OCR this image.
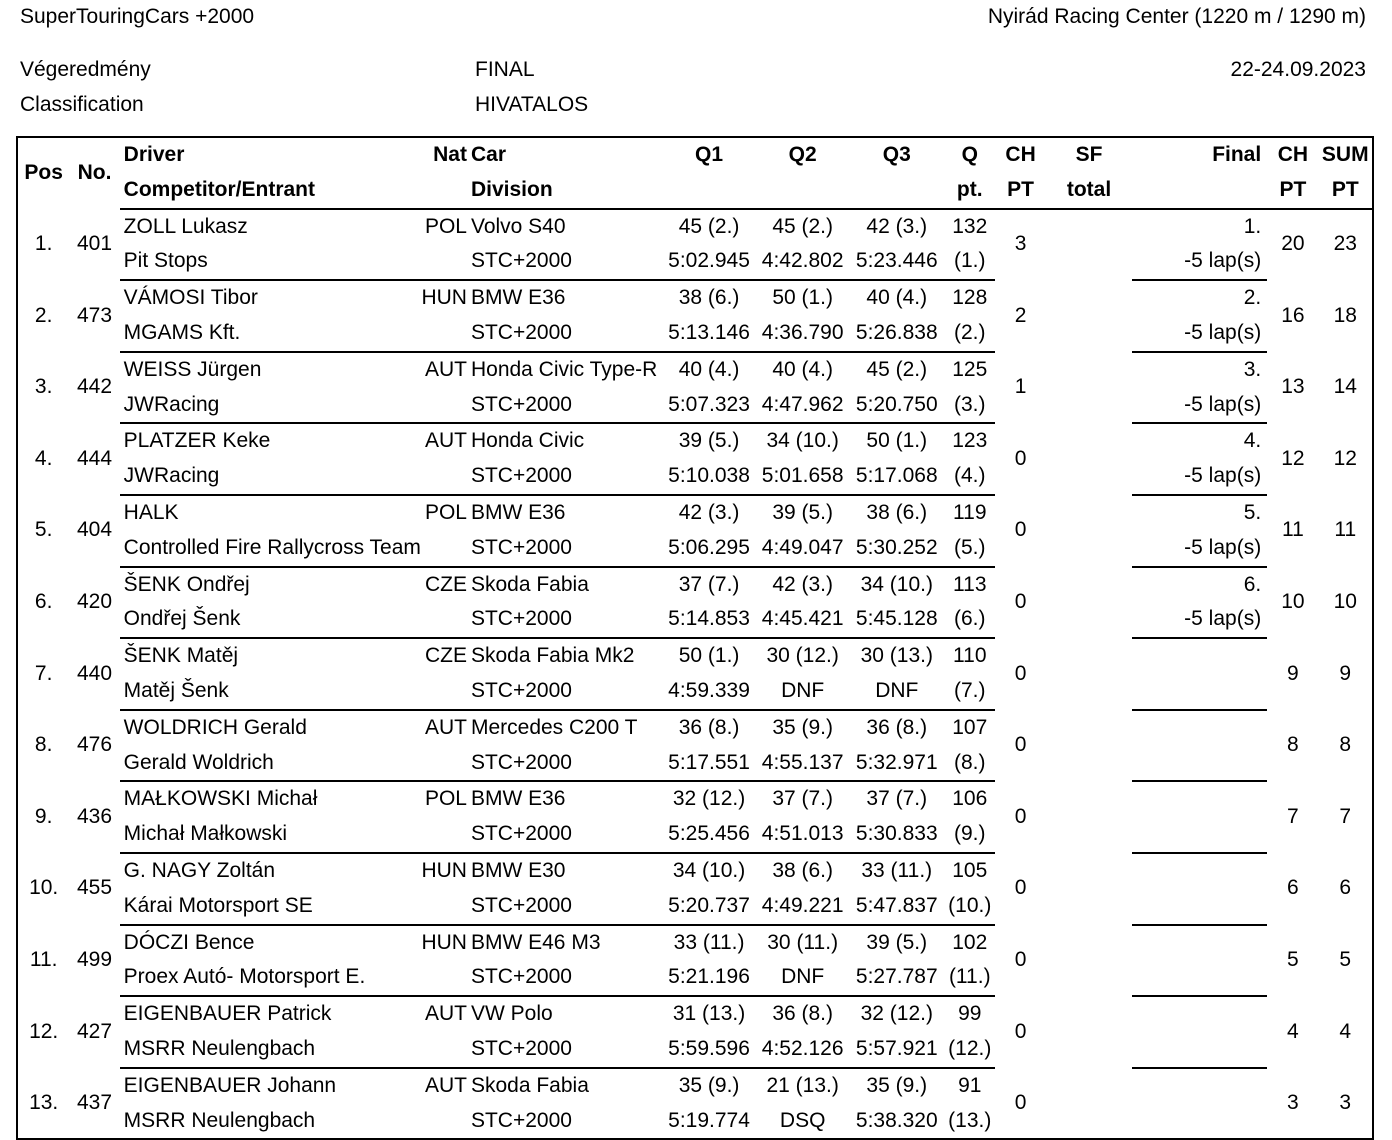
SuperTouringCars +2000	Nyirád Racing Center (1220 m / 1290 m)
Végeredmény
Classification
FINAL
HIVATALOS
22-24.09.2023
Pos	No.	Driver	Nat	Car	Q1	Q2	Q3	Q	CH	SF	Final	CH	SUM
		Competitor/Entrant		Division				pt.	PT	total		PT	PT
1.	401	ZOLL Lukasz	POL	Volvo S40	45 (2.)	45 (2.)	42 (3.)	132	3		1.	20	23
		Pit Stops		STC+2000	5:02.945	4:42.802	5:23.446	(1.)			-5 lap(s)		
2.	473	VÁMOSI Tibor	HUN	BMW E36	38 (6.)	50 (1.)	40 (4.)	128	2		2.	16	18
		MGAMS Kft.		STC+2000	5:13.146	4:36.790	5:26.838	(2.)			-5 lap(s)		
3.	442	WEISS Jürgen	AUT	Honda Civic Type-R	40 (4.)	40 (4.)	45 (2.)	125	1		3.	13	14
		JWRacing		STC+2000	5:07.323	4:47.962	5:20.750	(3.)			-5 lap(s)		
4.	444	PLATZER Keke	AUT	Honda Civic	39 (5.)	34 (10.)	50 (1.)	123	0		4.	12	12
		JWRacing		STC+2000	5:10.038	5:01.658	5:17.068	(4.)			-5 lap(s)		
5.	404	HALK	POL	BMW E36	42 (3.)	39 (5.)	38 (6.)	119	0		5.	11	11
		Controlled Fire Rallycross Team		STC+2000	5:06.295	4:49.047	5:30.252	(5.)			-5 lap(s)		
6.	420	ŠENK Ondřej	CZE	Skoda Fabia	37 (7.)	42 (3.)	34 (10.)	113	0		6.	10	10
		Ondřej Šenk		STC+2000	5:14.853	4:45.421	5:45.128	(6.)			-5 lap(s)		
7.	440	ŠENK Matěj	CZE	Skoda Fabia Mk2	50 (1.)	30 (12.)	30 (13.)	110	0			9	9
		Matěj Šenk		STC+2000	4:59.339	DNF	DNF	(7.)					
8.	476	WOLDRICH Gerald	AUT	Mercedes C200 T	36 (8.)	35 (9.)	36 (8.)	107	0			8	8
		Gerald Woldrich		STC+2000	5:17.551	4:55.137	5:32.971	(8.)					
9.	436	MAŁKOWSKI Michał	POL	BMW E36	32 (12.)	37 (7.)	37 (7.)	106	0			7	7
		Michał Małkowski		STC+2000	5:25.456	4:51.013	5:30.833	(9.)					
10.	455	G. NAGY Zoltán	HUN	BMW E30	34 (10.)	38 (6.)	33 (11.)	105	0			6	6
		Kárai Motorsport SE		STC+2000	5:20.737	4:49.221	5:47.837	(10.)					
11.	499	DÓCZI Bence	HUN	BMW E46 M3	33 (11.)	30 (11.)	39 (5.)	102	0			5	5
		Proex Autó- Motorsport E.		STC+2000	5:21.196	DNF	5:27.787	(11.)					
12.	427	EIGENBAUER Patrick	AUT	VW Polo	31 (13.)	36 (8.)	32 (12.)	99	0			4	4
		MSRR Neulengbach		STC+2000	5:59.596	4:52.126	5:57.921	(12.)					
13.	437	EIGENBAUER Johann	AUT	Skoda Fabia	35 (9.)	21 (13.)	35 (9.)	91	0			3	3
		MSRR Neulengbach		STC+2000	5:19.774	DSQ	5:38.320	(13.)					
